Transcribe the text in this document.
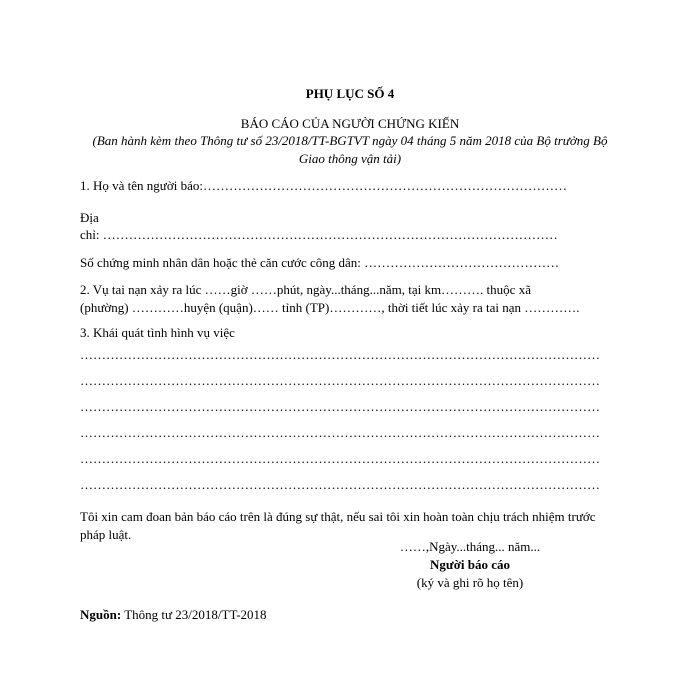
PHỤ LỤC SỐ 4

BÁO CÁO CỦA NGƯỜI CHỨNG KIẾN

(Ban hành kèm theo Thông tư số 23/2018/TT-BGTVT ngày 04 tháng 5 năm 2018 của Bộ trưởng Bộ Giao thông vận tải)

1. Họ và tên người báo:…………………………………………………………………………

Địa

chỉ: ……………………………………………………………………………………………

Số chứng minh nhân dân hoặc thẻ căn cước công dân: ………………………………………

2. Vụ tai nạn xảy ra lúc ……giờ ……phút, ngày...tháng...năm, tại km………. thuộc xã

(phường) …………huyện (quận)…… tỉnh (TP)…………, thời tiết lúc xảy ra tai nạn ………….

3. Khái quát tình hình vụ việc

…………………………………………………………………………………………………………

…………………………………………………………………………………………………………

…………………………………………………………………………………………………………

…………………………………………………………………………………………………………

…………………………………………………………………………………………………………

…………………………………………………………………………………………………………

Tôi xin cam đoan bản báo cáo trên là đúng sự thật, nếu sai tôi xin hoàn toàn chịu trách nhiệm trước pháp luật.

……,Ngày...tháng... năm...
Người báo cáo
(ký và ghi rõ họ tên)
Nguồn: Thông tư 23/2018/TT-2018
